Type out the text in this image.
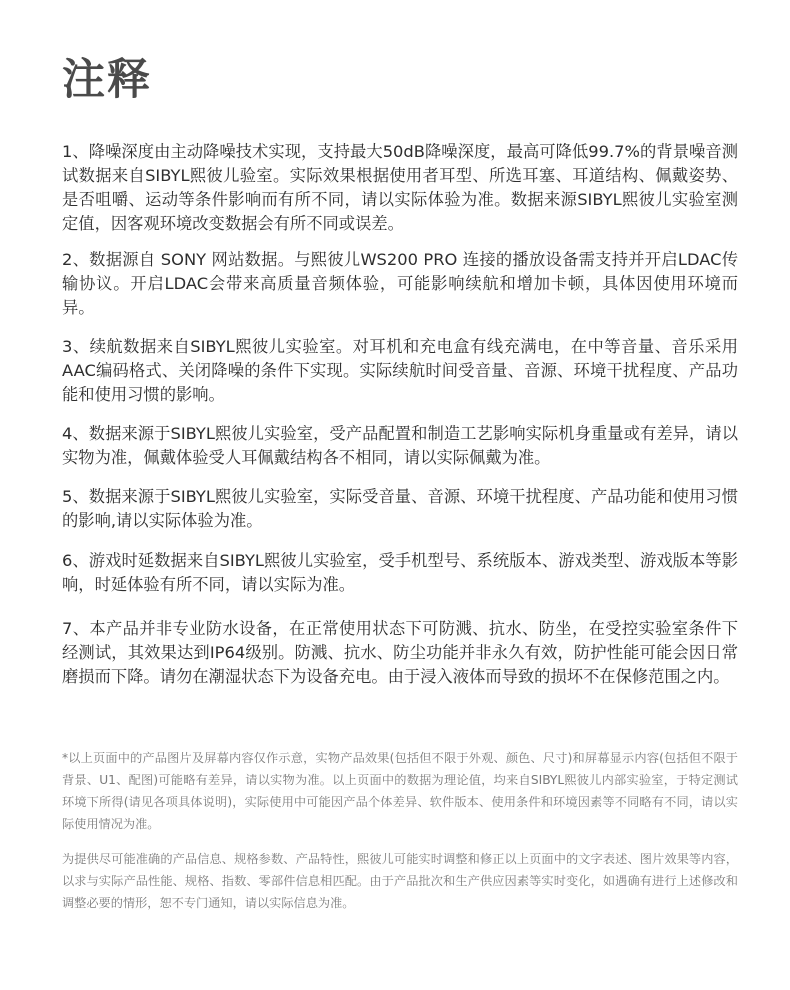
注释

1、降噪深度由主动降噪技术实现，支持最大50dB降噪深度，最高可降低99.7%的背景噪音测试数据来自SIBYL熙彼儿验室。实际效果根据使用者耳型、所选耳塞、耳道结构、佩戴姿势、是否咀嚼、运动等条件影响而有所不同，请以实际体验为准。数据来源SIBYL熙彼儿实验室测定值，因客观环境改变数据会有所不同或误差。

2、数据源自 SONY 网站数据。与熙彼儿WS200 PRO 连接的播放设备需支持并开启LDAC传输协议。开启LDAC会带来高质量音频体验，可能影响续航和增加卡顿，具体因使用环境而异。

3、续航数据来自SIBYL熙彼儿实验室。对耳机和充电盒有线充满电，在中等音量、音乐采用AAC编码格式、关闭降噪的条件下实现。实际续航时间受音量、音源、环境干扰程度、产品功能和使用习惯的影响。

4、数据来源于SIBYL熙彼儿实验室，受产品配置和制造工艺影响实际机身重量或有差异，请以实物为准，佩戴体验受人耳佩戴结构各不相同，请以实际佩戴为准。

5、数据来源于SIBYL熙彼儿实验室，实际受音量、音源、环境干扰程度、产品功能和使用习惯的影响,请以实际体验为准。

6、游戏时延数据来自SIBYL熙彼儿实验室，受手机型号、系统版本、游戏类型、游戏版本等影响，时延体验有所不同，请以实际为准。

7、本产品并非专业防水设备，在正常使用状态下可防溅、抗水、防坐，在受控实验室条件下经测试，其效果达到IP64级别。防溅、抗水、防尘功能并非永久有效，防护性能可能会因日常磨损而下降。请勿在潮湿状态下为设备充电。由于浸入液体而导致的损坏不在保修范围之内。

*以上页面中的产品图片及屏幕内容仅作示意，实物产品效果(包括但不限于外观、颜色、尺寸)和屏幕显示内容(包括但不限于背景、U1、配图)可能略有差异，请以实物为准。以上页面中的数据为理论值，均来自SIBYL熙彼儿内部实验室，于特定测试环境下所得(请见各项具体说明)，实际使用中可能因产品个体差异、软件版本、使用条件和环境因素等不同略有不同，请以实际使用情况为准。

为提供尽可能准确的产品信息、规格参数、产品特性，熙彼儿可能实时调整和修正以上页面中的文字表述、图片效果等内容，以求与实际产品性能、规格、指数、零部件信息相匹配。由于产品批次和生产供应因素等实时变化，如遇确有进行上述修改和调整必要的情形，恕不专门通知，请以实际信息为准。
